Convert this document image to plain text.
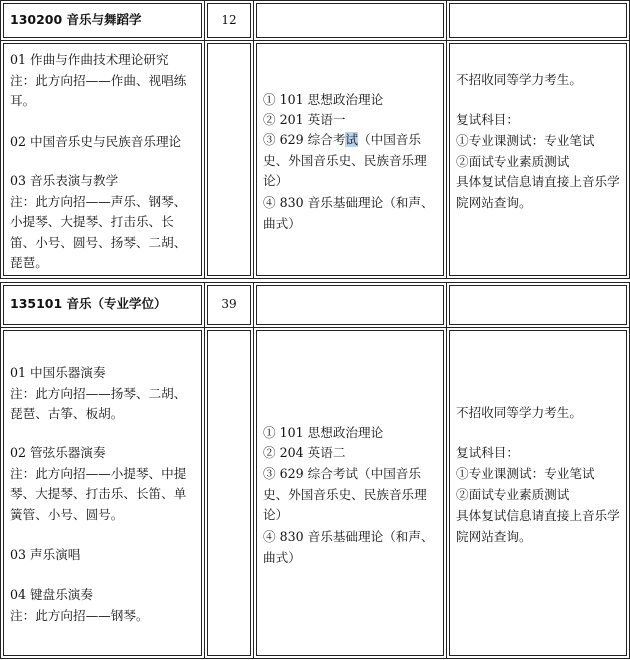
130200 音乐与舞蹈学	12
01 作曲与作曲技术理论研究
注：此方向招——作曲、视唱练耳。
02 中国音乐史与民族音乐理论
03 音乐表演与教学
注：此方向招——声乐、钢琴、小提琴、大提琴、打击乐、长笛、小号、圆号、扬琴、二胡、琵琶。
① 101 思想政治理论
② 201 英语一
③ 629 综合考试（中国音乐史、外国音乐史、民族音乐理论）
④ 830 音乐基础理论（和声、曲式）
不招收同等学力考生。
复试科目：
①专业课测试：专业笔试
②面试专业素质测试
具体复试信息请直接上音乐学院网站查询。
135101 音乐（专业学位）	39
01 中国乐器演奏
注：此方向招——扬琴、二胡、琵琶、古筝、板胡。
02 管弦乐器演奏
注：此方向招——小提琴、中提琴、大提琴、打击乐、长笛、单簧管、小号、圆号。
03 声乐演唱
04 键盘乐演奏
注：此方向招——钢琴。
① 101 思想政治理论
② 204 英语二
③ 629 综合考试（中国音乐史、外国音乐史、民族音乐理论）
④ 830 音乐基础理论（和声、曲式）
不招收同等学力考生。
复试科目：
①专业课测试：专业笔试
②面试专业素质测试
具体复试信息请直接上音乐学院网站查询。
